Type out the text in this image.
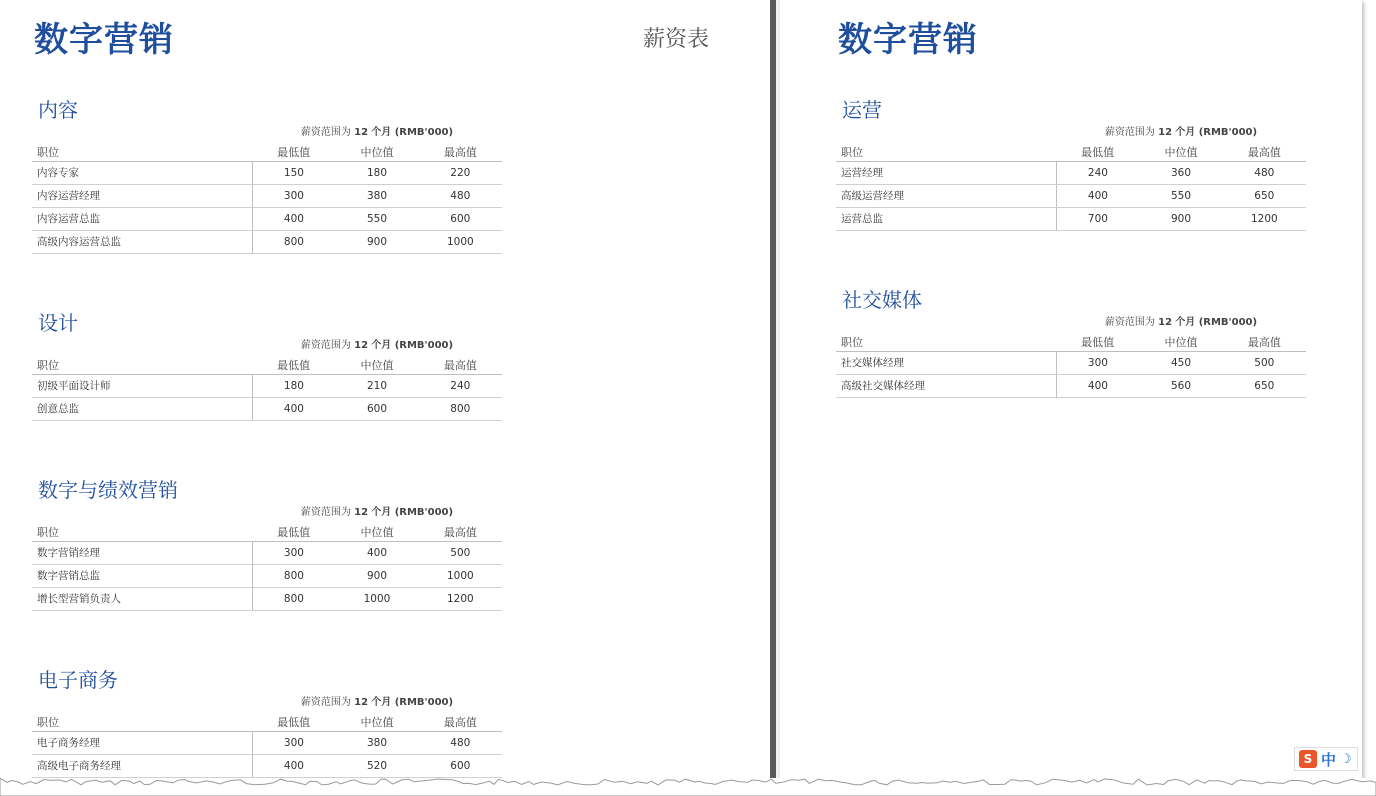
数字营销	薪资表
内容
薪资范围为 12 个月 (RMB'000)
职位	最低值	中位值	最高值
内容专家	150	180	220
内容运营经理	300	380	480
内容运营总监	400	550	600
高级内容运营总监	800	900	1000
设计
薪资范围为 12 个月 (RMB'000)
职位	最低值	中位值	最高值
初级平面设计师	180	210	240
创意总监	400	600	800
数字与绩效营销
薪资范围为 12 个月 (RMB'000)
职位	最低值	中位值	最高值
数字营销经理	300	400	500
数字营销总监	800	900	1000
增长型营销负责人	800	1000	1200
电子商务
薪资范围为 12 个月 (RMB'000)
职位	最低值	中位值	最高值
电子商务经理	300	380	480
高级电子商务经理	400	520	600
数字营销
运营
薪资范围为 12 个月 (RMB'000)
职位	最低值	中位值	最高值
运营经理	240	360	480
高级运营经理	400	550	650
运营总监	700	900	1200
社交媒体
薪资范围为 12 个月 (RMB'000)
职位	最低值	中位值	最高值
社交媒体经理	300	450	500
高级社交媒体经理	400	560	650
S 中 ☽
